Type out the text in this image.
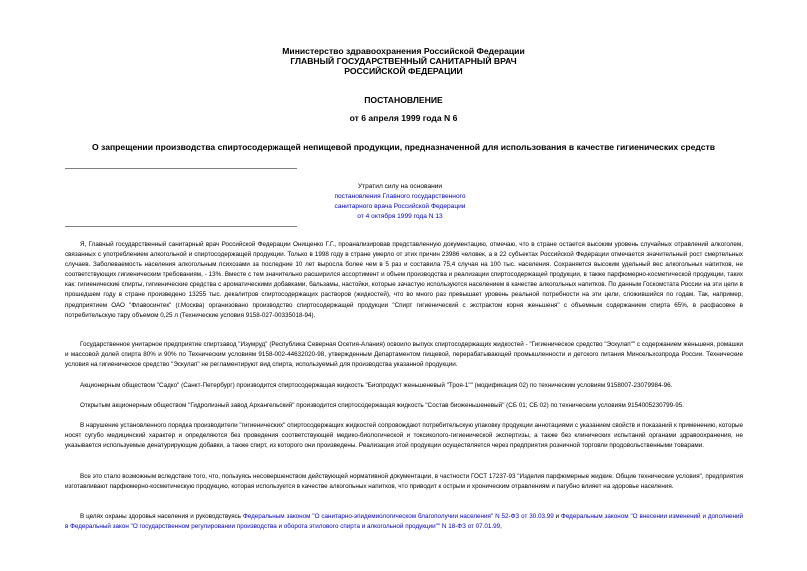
Министерство здравоохранения Российской Федерации
ГЛАВНЫЙ ГОСУДАРСТВЕННЫЙ САНИТАРНЫЙ ВРАЧ
РОССИЙСКОЙ ФЕДЕРАЦИИ
ПОСТАНОВЛЕНИЕ
от 6 апреля 1999 года N 6
О запрещении производства спиртосодержащей непищевой продукции, предназначенной для использования в качестве гигиенических средств
Утратил силу на основании
постановления Главного государственного
санитарного врача Российской Федерации
от 4 октября 1999 года N 13

Я, Главный государственный санитарный врач Российской Федерации Онищенко Г.Г., проанализировав представленную документацию, отмечаю, что в стране остается высоким уровень случайных отравлений алкоголем, связанных с употреблением алкогольной и спиртосодержащей продукции. Только в 1998 году в стране умерло от этих причин 23986 человек, а в 22 субъектах Российской Федерации отмечается значительный рост смертельных случаев. Заболеваемость населения алкогольным психозами за последние 10 лет выросла более чем в 5 раз и составила 75,4 случая на 100 тыс. населения. Сохраняется высоким удельный вес алкогольных напитков, не соответствующих гигиеническим требованиям, - 13%. Вместе с тем значительно расширился ассортимент и объем производства и реализации спиртосодержащей продукции, в также парфюмерно-косметической продукции, таких как: гигиенические спирты, гигиенические средства с ароматическими добавками, бальзамы, настойки, которые зачастую используются населением в качестве алкогольных напитков. По данным Госкомстата России на эти цели в прошедшем году в стране произведено 13255 тыс. декалитров спиртосодержащих растворов (жидкостей), что во много раз превышает уровень реальной потребности на эти цели, сложившийся по годам. Так, например, предприятием ОАО "Флавосинтек" (г.Москва) организовано производство спиртосодержащей продукции "Спирт гигиенический с экстрактом корня женьшеня" с объемным содержанием спирта 65%, в расфасовке в потребительскую тару объемом 0,25 л (Технические условия 9158-027-00335018-94).

Государственное унитарное предприятие спиртзавод "Изумруд" (Республика Северная Осетия-Алания) освоило выпуск спиртосодержащих жидкостей - "Гигиеническое средство "Эскулап"" с содержанием женьшеня, ромашки и массовой долей спирта 80% и 90% по Техническим условиям 9158-002-44632020-98, утвержденным Департаментом пищевой, перерабатывающей промышленности и детского питания Минсельхозпрода России. Технические условия на гигиеническое средство "Эскулап" не регламентируют вид спирта, используемый для производства указанной продукции.

Акционерным обществом "Садко" (Санкт-Петербург) производится спиртосодержащая жидкость "Биопродукт женьшеневый "Троя-1"" (модификация 02) по техническим условиям 9158007-23079984-96.

Открытым акционерным обществом "Гидролизный завод Архангельский" производится спиртосодержащая жидкость "Состав биоженьшеневый" (СБ 01; СБ 02) по техническим условиям 9154005230799-95.

В нарушение установленного порядка производители "гигиенических" спиртосодержащих жидкостей сопровождают потребительскую упаковку продукции аннотациями с указанием свойств и показаний к применению, которые носят сугубо медицинский характер и определяются без проведения соответствующей медико-биологической и токсиколого-гигиенической экспертизы, а также без клинических испытаний органами здравоохранения, не указывается используемые денатурирующие добавки, а также спирт, из которого они произведены. Реализация этой продукции осуществляется через предприятия розничной торговли продовольственными товарами.

Все это стало возможным вследствие того, что, пользуясь несовершенством действующей нормативной документации, в частности ГОСТ 17237-93 "Изделия парфюмерные жидкие. Общие технические условия", предприятия изготавливают парфюмерно-косметическую продукцию, которая используется в качестве алкогольных напитков, что приводит к острым и хроническим отравлениям и пагубно влияет на здоровье населения.

В целях охраны здоровья населения и руководствуясь Федеральным законом "О санитарно-эпидемиологическом благополучии населения" N 52-ФЗ от 30.03.99 и Федеральным законом "О внесении изменений и дополнений в Федеральный закон "О государственном регулировании производства и оборота этилового спирта и алкогольной продукции"" N 18-ФЗ от 07.01.99,
